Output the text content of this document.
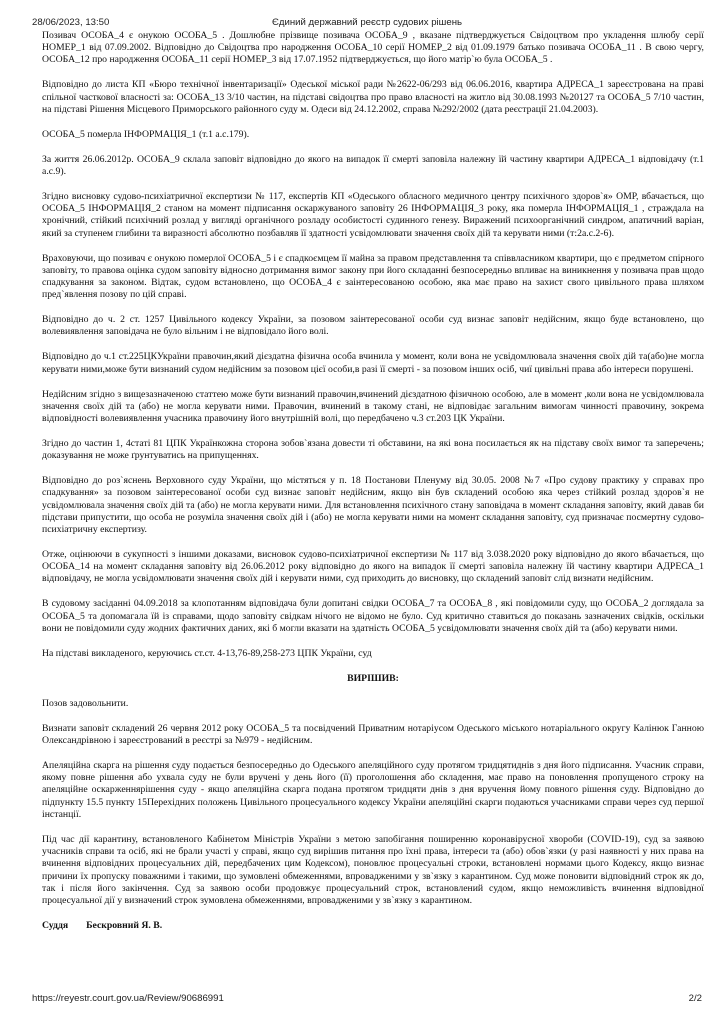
28/06/2023, 13:50	Єдиний державний реєстр судових рішень

Позивач ОСОБА_4 є онукою ОСОБА_5 . Дошлюбне прізвище позивача ОСОБА_9 , вказане підтверджується Свідоцтвом про укладення шлюбу серії НОМЕР_1 від 07.09.2002. Відповідно до Свідоцтва про народження ОСОБА_10 серії НОМЕР_2 від 01.09.1979 батько позивача ОСОБА_11 . В свою чергу, ОСОБА_12 про народження ОСОБА_11 серії НОМЕР_3 від 17.07.1952 підтверджується, що його матір`ю була ОСОБА_5 .

Відповідно до листа КП «Бюро технічної інвентаризації» Одеської міської ради №2622-06/293 від 06.06.2016, квартира АДРЕСА_1 зареєстрована на праві спільної часткової власності за: ОСОБА_13 3/10 частин, на підставі свідоцтва про право власності на житло від 30.08.1993 №20127 та ОСОБА_5 7/10 частин, на підставі Рішення Місцевого Приморського районного суду м. Одеси від 24.12.2002, справа №292/2002 (дата реєстрації 21.04.2003).

ОСОБА_5 померла ІНФОРМАЦІЯ_1 (т.1 а.с.179).

За життя 26.06.2012р. ОСОБА_9 склала заповіт відповідно до якого на випадок її смерті заповіла належну їй частину квартири АДРЕСА_1 відповідачу (т.1 а.с.9).

Згідно висновку судово-психіатричної експертизи № 117, експертів КП «Одеського обласного медичного центру психічного здоров`я» ОМР, вбачається, що ОСОБА_5 ІНФОРМАЦІЯ_2 станом на момент підписання оскаржуваного заповіту 26 ІНФОРМАЦІЯ_3 року, яка померла ІНФОРМАЦІЯ_1 , страждала на хронічний, стійкий психічний розлад у вигляді органічного розладу особистості судинного генезу. Виражений психоорганічний синдром, апатичний варіан, який за ступенем глибини та виразності абсолютно позбавляв її здатності усвідомлювати значення своїх дій та керувати ними (т:2а.с.2-6).

Враховуючи, що позивач є онукою померлої ОСОБА_5 і є спадкоємцем її майна за правом представлення та співвласником квартири, що є предметом спірного заповіту, то правова оцінка судом заповіту відносно дотримання вимог закону при його складанні безпосередньо впливає на виникнення у позивача прав щодо спадкування за законом. Відтак, судом встановлено, що ОСОБА_4 є заінтересованою особою, яка має право на захист свого цивільного права шляхом пред`явлення позову по цій справі.

Відповідно до ч. 2 ст. 1257 Цивільного кодексу України, за позовом заінтересованої особи суд визнає заповіт недійсним, якщо буде встановлено, що волевиявлення заповідача не було вільним і не відповідало його волі.

Відповідно до ч.1 ст.225ЦКУкраїни правочин,який дієздатна фізична особа вчинила у момент, коли вона не усвідомлювала значення своїх дій та(або)не могла керувати ними,може бути визнаний судом недійсним за позовом цієї особи,в разі її смерті - за позовом інших осіб, чиї цивільні права або інтереси порушені.

Недійсним згідно з вищезазначеною статтею може бути визнаний правочин,вчинений дієздатною фізичною особою, але в момент ,коли вона не усвідомлювала значення своїх дій та (або) не могла керувати ними. Правочин, вчинений в такому стані, не відповідає загальним вимогам чинності правочину, зокрема відповідності волевиявлення учасника правочину його внутрішній волі, що передбачено ч.3 ст.203 ЦК України.

Згідно до частин 1, 4статі 81 ЦПК Українкожна сторона зобов`язана довести ті обставини, на які вона посилається як на підставу своїх вимог та заперечень; доказування не може ґрунтуватись на припущеннях.

Відповідно до роз`яснень Верховного суду України, що містяться у п. 18 Постанови Пленуму від 30.05. 2008 №7 «Про судову практику у справах про спадкування» за позовом заінтересованої особи суд визнає заповіт недійсним, якщо він був складений особою яка через стійкий розлад здоров`я не усвідомлювала значення своїх дій та (або) не могла керувати ними. Для встановлення психічного стану заповідача в момент складання заповіту, який давав би підстави припустити, що особа не розуміла значення своїх дій і (або) не могла керувати ними на момент складання заповіту, суд призначає посмертну судово-психіатричну експертизу.

Отже, оцінюючи в сукупності з іншими доказами, висновок судово-психіатричної експертизи № 117 від 3.038.2020 року відповідно до якого вбачається, що ОСОБА_14 на момент складання заповіту від 26.06.2012 року відповідно до якого на випадок її смерті заповіла належну їй частину квартири АДРЕСА_1 відповідачу, не могла усвідомлювати значення своїх дій і керувати ними, суд приходить до висновку, що складений заповіт слід визнати недійсним.

В судовому засіданні 04.09.2018 за клопотанням відповідача були допитані свідки ОСОБА_7 та ОСОБА_8 , які повідомили суду, що ОСОБА_2 доглядала за ОСОБА_5 та допомагала їй із справами, щодо заповіту свідкам нічого не відомо не було. Суд критично ставиться до показань зазначених свідків, оскільки вони не повідомили суду жодних фактичних даних, які б могли вказати на здатність ОСОБА_5 усвідомлювати значення своїх дій та (або) керувати ними.

На підставі викладеного, керуючись ст.ст. 4-13,76-89,258-273 ЦПК України, суд

ВИРІШИВ:

Позов задовольнити.

Визнати заповіт складений 26 червня 2012 року ОСОБА_5 та посвідчений Приватним нотаріусом Одеського міського нотаріального округу Калінюк Ганною Олександрівною і зареєстрований в реєстрі за №979 - недійсним.

Апеляційна скарга на рішення суду подається безпосередньо до Одеського апеляційного суду протягом тридцятиднів з дня його підписання. Учасник справи, якому повне рішення або ухвала суду не були вручені у день його (її) проголошення або складення, має право на поновлення пропущеного строку на апеляційне оскарженнярішення суду - якщо апеляційна скарга подана протягом тридцяти днів з дня вручення йому повного рішення суду. Відповідно до підпункту 15.5 пункту 15Перехідних положень Цивільного процесуального кодексу України апеляційні скарги подаються учасниками справи через суд першої інстанції.

Під час дії карантину, встановленого Кабінетом Міністрів України з метою запобігання поширенню коронавірусної хвороби (COVID-19), суд за заявою учасників справи та осіб, які не брали участі у справі, якщо суд вирішив питання про їхні права, інтереси та (або) обов`язки (у разі наявності у них права на вчинення відповідних процесуальних дій, передбачених цим Кодексом), поновлює процесуальні строки, встановлені нормами цього Кодексу, якщо визнає причини їх пропуску поважними і такими, що зумовлені обмеженнями, впровадженими у зв`язку з карантином. Суд може поновити відповідний строк як до, так і після його закінчення. Суд за заявою особи продовжує процесуальний строк, встановлений судом, якщо неможливість вчинення відповідної процесуальної дії у визначений строк зумовлена обмеженнями, впровадженими у зв`язку з карантином.

Суддя Бескровний Я. В.

https://reyestr.court.gov.ua/Review/90686991	2/2
